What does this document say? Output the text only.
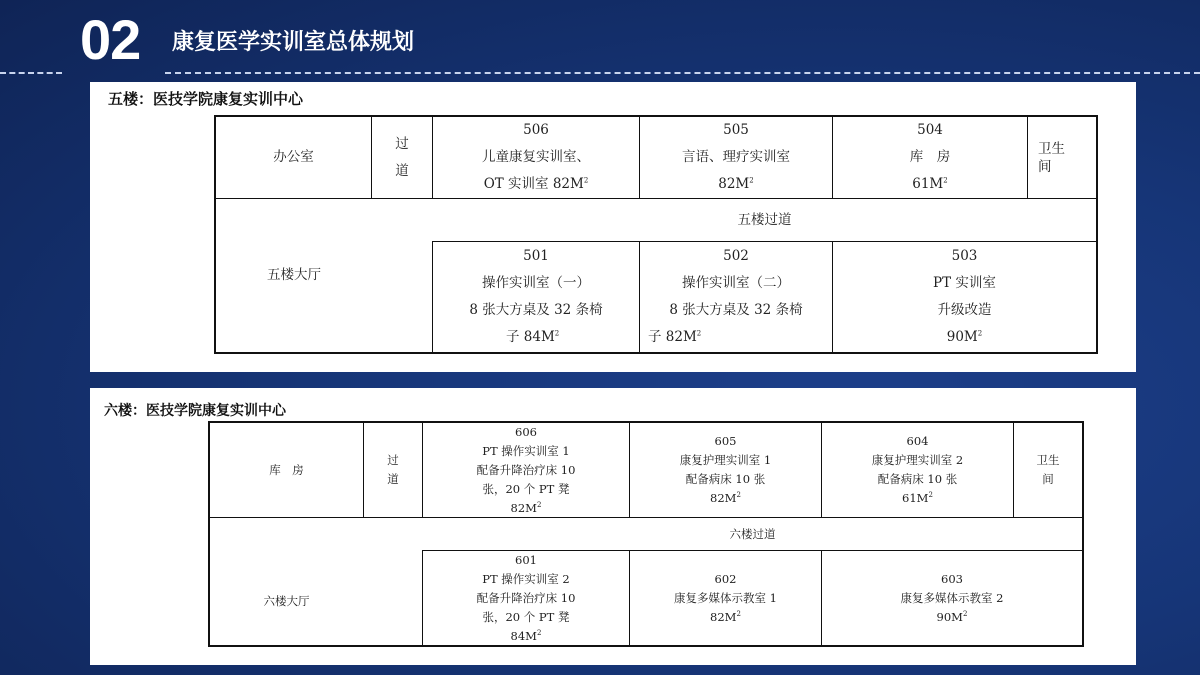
02 康复医学实训室总体规划
五楼：医技学院康复实训中心
办公室
过
道
506
儿童康复实训室、
OT 实训室 $82M^2$
505
言语、理疗实训室
$82M^2$
504
库　房
$61M^2$
卫生
间
五楼过道
五楼大厅
501
操作实训室（一）
8 张大方桌及 32 条椅
子 $84M^2$
502
操作实训室（二）
8 张大方桌及 32 条椅
子 $82M^2$
503
PT 实训室
升级改造
$90M^2$
六楼：医技学院康复实训中心
库　房
过
道
606
PT 操作实训室 1
配备升降治疗床 10
张，20 个 PT 凳
$82M^2$
605
康复护理实训室 1
配备病床 10 张
$82M^2$
604
康复护理实训室 2
配备病床 10 张
$61M^2$
卫生
间
六楼过道
六楼大厅
601
PT 操作实训室 2
配备升降治疗床 10
张，20 个 PT 凳
$84M^2$
602
康复多媒体示教室 1
$82M^2$
603
康复多媒体示教室 2
$90M^2$
